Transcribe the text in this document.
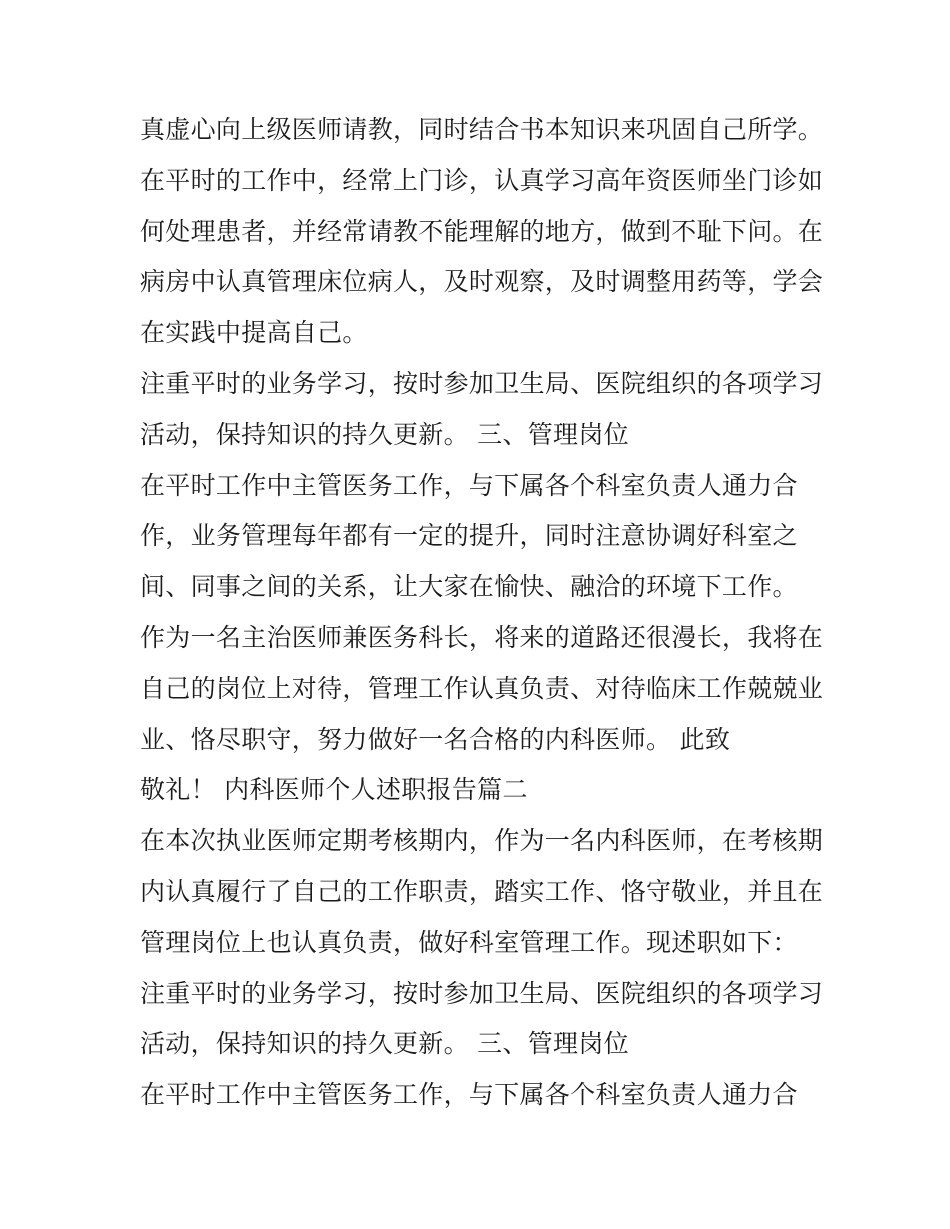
真虚心向上级医师请教，同时结合书本知识来巩固自己所学。
在平时的工作中，经常上门诊，认真学习高年资医师坐门诊如
何处理患者，并经常请教不能理解的地方，做到不耻下问。在
病房中认真管理床位病人，及时观察，及时调整用药等，学会
在实践中提高自己。
注重平时的业务学习，按时参加卫生局、医院组织的各项学习
活动，保持知识的持久更新。 三、管理岗位
在平时工作中主管医务工作，与下属各个科室负责人通力合
作，业务管理每年都有一定的提升，同时注意协调好科室之
间、同事之间的关系，让大家在愉快、融洽的环境下工作。
作为一名主治医师兼医务科长，将来的道路还很漫长，我将在
自己的岗位上对待，管理工作认真负责、对待临床工作兢兢业
业、恪尽职守，努力做好一名合格的内科医师。 此致
敬礼！ 内科医师个人述职报告篇二
在本次执业医师定期考核期内，作为一名内科医师，在考核期
内认真履行了自己的工作职责，踏实工作、恪守敬业，并且在
管理岗位上也认真负责，做好科室管理工作。现述职如下：
注重平时的业务学习，按时参加卫生局、医院组织的各项学习
活动，保持知识的持久更新。 三、管理岗位
在平时工作中主管医务工作，与下属各个科室负责人通力合
